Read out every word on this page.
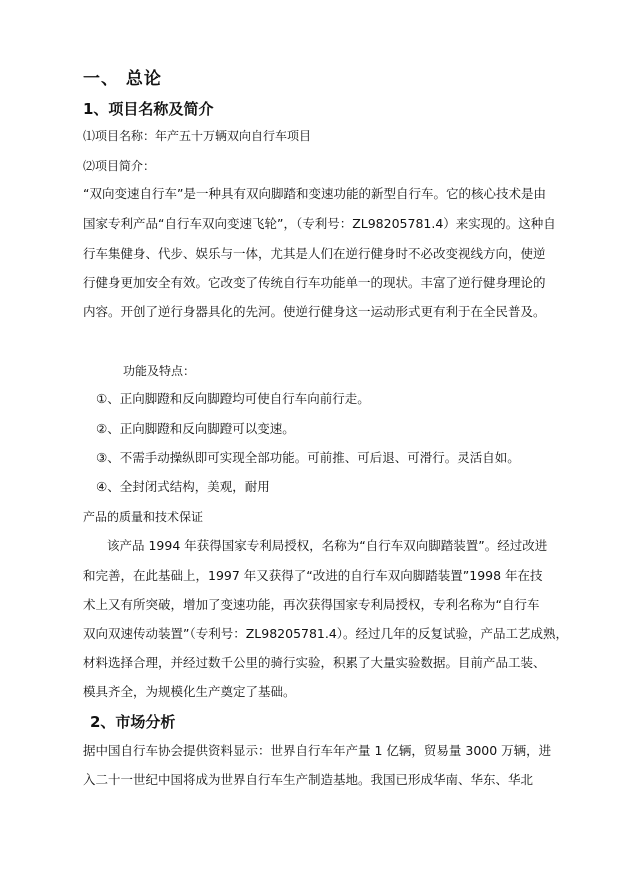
一、 总论
1、项目名称及简介
⑴项目名称：年产五十万辆双向自行车项目
⑵项目简介：
“双向变速自行车”是一种具有双向脚踏和变速功能的新型自行车。它的核心技术是由
国家专利产品“自行车双向变速飞轮”，（专利号：ZL98205781.4）来实现的。这种自
行车集健身、代步、娱乐与一体，尤其是人们在逆行健身时不必改变视线方向，使逆
行健身更加安全有效。它改变了传统自行车功能单一的现状。丰富了逆行健身理论的
内容。开创了逆行身器具化的先河。使逆行健身这一运动形式更有利于在全民普及。
功能及特点：
①、正向脚蹬和反向脚蹬均可使自行车向前行走。
②、正向脚蹬和反向脚蹬可以变速。
③、不需手动操纵即可实现全部功能。可前推、可后退、可滑行。灵活自如。
④、全封闭式结构，美观，耐用
产品的质量和技术保证
该产品 1994 年获得国家专利局授权，名称为“自行车双向脚踏装置”。经过改进
和完善，在此基础上，1997 年又获得了“改进的自行车双向脚踏装置”1998 年在技
术上又有所突破，增加了变速功能，再次获得国家专利局授权，专利名称为“自行车
双向双速传动装置”（专利号：ZL98205781.4）。经过几年的反复试验，产品工艺成熟，
材料选择合理，并经过数千公里的骑行实验，积累了大量实验数据。目前产品工装、
模具齐全，为规模化生产奠定了基础。
2、市场分析
据中国自行车协会提供资料显示：世界自行车年产量 1 亿辆，贸易量 3000 万辆，进
入二十一世纪中国将成为世界自行车生产制造基地。我国已形成华南、华东、华北
